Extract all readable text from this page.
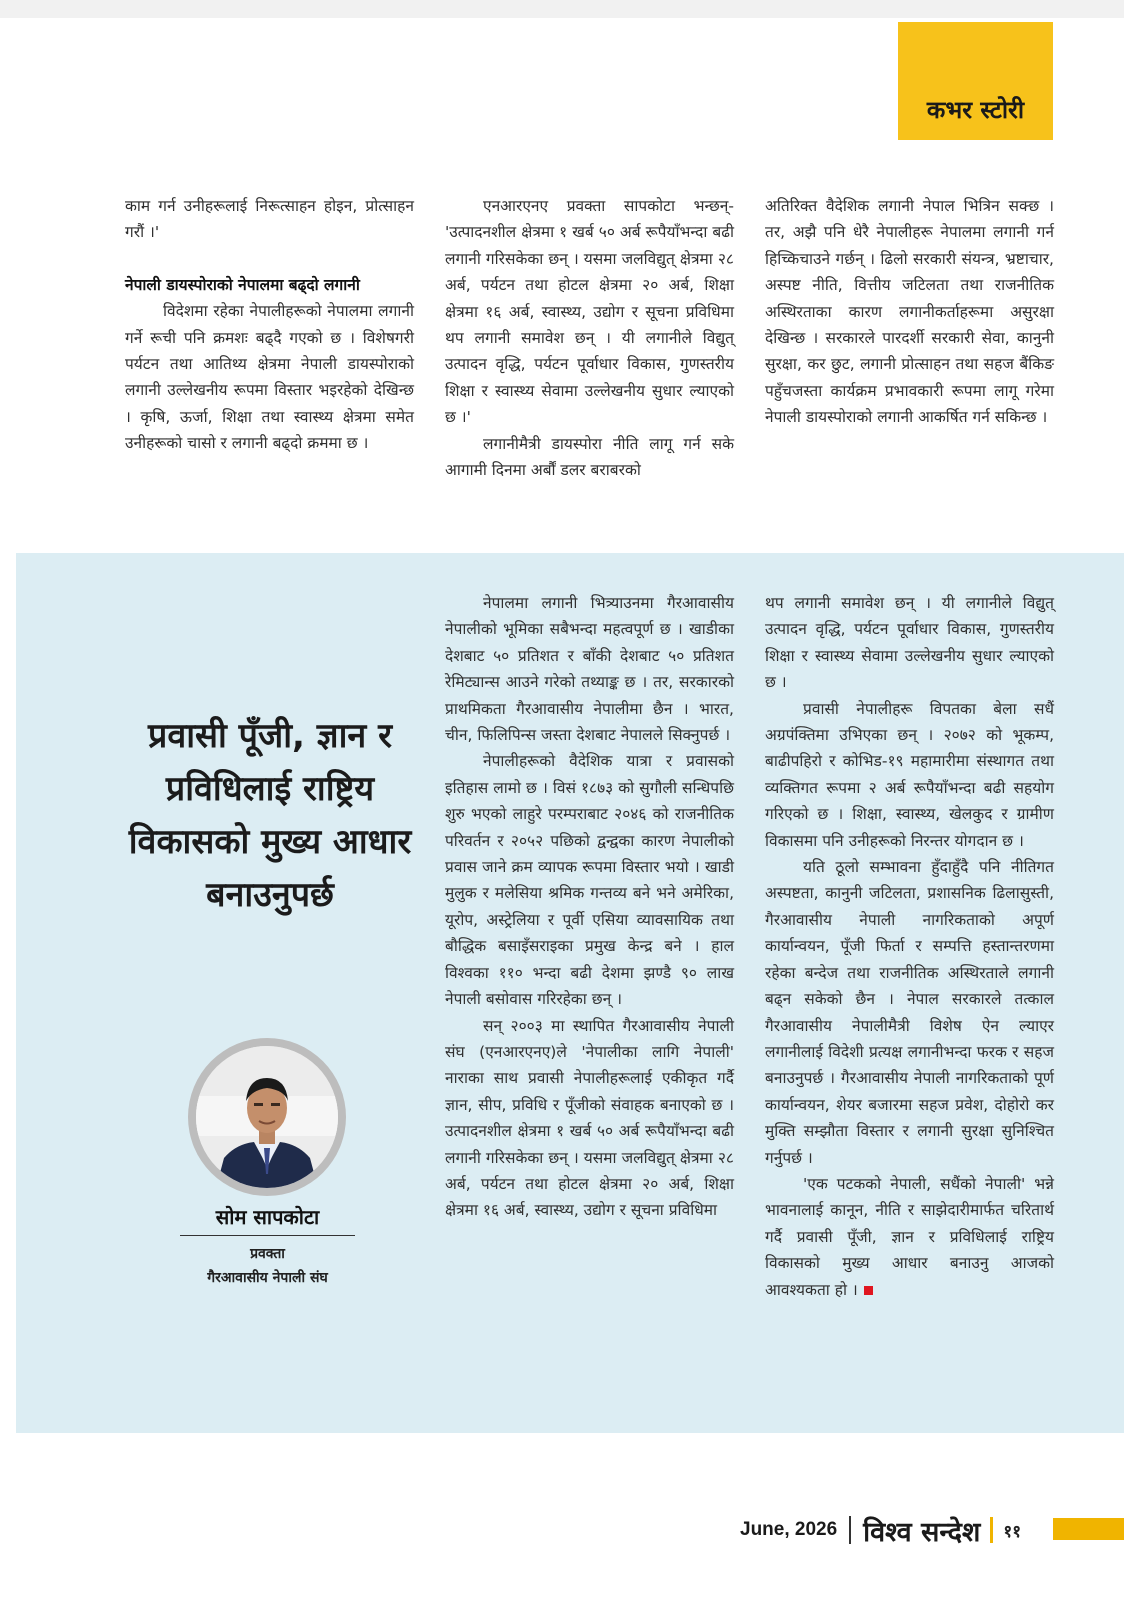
कभर स्टोरी

काम गर्न उनीहरूलाई निरूत्साहन होइन, प्रोत्साहन गरौं ।'

नेपाली डायस्पोराको नेपालमा बढ्दो लगानी

विदेशमा रहेका नेपालीहरूको नेपालमा लगानी गर्ने रूची पनि क्रमशः बढ्दै गएको छ । विशेषगरी पर्यटन तथा आतिथ्य क्षेत्रमा नेपाली डायस्पोराको लगानी उल्लेखनीय रूपमा विस्तार भइरहेको देखिन्छ । कृषि, ऊर्जा, शिक्षा तथा स्वास्थ्य क्षेत्रमा समेत उनीहरूको चासो र लगानी बढ्दो क्रममा छ ।

एनआरएनए प्रवक्ता सापकोटा भन्छन्- 'उत्पादनशील क्षेत्रमा १ खर्ब ५० अर्ब रूपैयाँभन्दा बढी लगानी गरिसकेका छन् । यसमा जलविद्युत् क्षेत्रमा २८ अर्ब, पर्यटन तथा होटल क्षेत्रमा २० अर्ब, शिक्षा क्षेत्रमा १६ अर्ब, स्वास्थ्य, उद्योग र सूचना प्रविधिमा थप लगानी समावेश छन् । यी लगानीले विद्युत् उत्पादन वृद्धि, पर्यटन पूर्वाधार विकास, गुणस्तरीय शिक्षा र स्वास्थ्य सेवामा उल्लेखनीय सुधार ल्याएको छ ।'

लगानीमैत्री डायस्पोरा नीति लागू गर्न सके आगामी दिनमा अर्बौं डलर बराबरको

अतिरिक्त वैदेशिक लगानी नेपाल भित्रिन सक्छ । तर, अझै पनि धेरै नेपालीहरू नेपालमा लगानी गर्न हिच्किचाउने गर्छन् । ढिलो सरकारी संयन्त्र, भ्रष्टाचार, अस्पष्ट नीति, वित्तीय जटिलता तथा राजनीतिक अस्थिरताका कारण लगानीकर्ताहरूमा असुरक्षा देखिन्छ । सरकारले पारदर्शी सरकारी सेवा, कानुनी सुरक्षा, कर छुट, लगानी प्रोत्साहन तथा सहज बैंकिङ पहुँचजस्ता कार्यक्रम प्रभावकारी रूपमा लागू गरेमा नेपाली डायस्पोराको लगानी आकर्षित गर्न सकिन्छ ।

प्रवासी पूँजी, ज्ञान र प्रविधिलाई राष्ट्रिय विकासको मुख्य आधार बनाउनुपर्छ
सोम सापकोटा
प्रवक्ता
गैरआवासीय नेपाली संघ

नेपालमा लगानी भित्र्याउनमा गैरआवासीय नेपालीको भूमिका सबैभन्दा महत्वपूर्ण छ । खाडीका देशबाट ५० प्रतिशत र बाँकी देशबाट ५० प्रतिशत रेमिट्यान्स आउने गरेको तथ्याङ्क छ । तर, सरकारको प्राथमिकता गैरआवासीय नेपालीमा छैन । भारत, चीन, फिलिपिन्स जस्ता देशबाट नेपालले सिक्नुपर्छ ।

नेपालीहरूको वैदेशिक यात्रा र प्रवासको इतिहास लामो छ । विसं १८७३ को सुगौली सन्धिपछि शुरु भएको लाहुरे परम्पराबाट २०४६ को राजनीतिक परिवर्तन र २०५२ पछिको द्वन्द्वका कारण नेपालीको प्रवास जाने क्रम व्यापक रूपमा विस्तार भयो । खाडी मुलुक र मलेसिया श्रमिक गन्तव्य बने भने अमेरिका, यूरोप, अस्ट्रेलिया र पूर्वी एसिया व्यावसायिक तथा बौद्धिक बसाइँसराइका प्रमुख केन्द्र बने । हाल विश्वका ११० भन्दा बढी देशमा झण्डै ९० लाख नेपाली बसोवास गरिरहेका छन् ।

सन् २००३ मा स्थापित गैरआवासीय नेपाली संघ (एनआरएनए)ले 'नेपालीका लागि नेपाली' नाराका साथ प्रवासी नेपालीहरूलाई एकीकृत गर्दै ज्ञान, सीप, प्रविधि र पूँजीको संवाहक बनाएको छ । उत्पादनशील क्षेत्रमा १ खर्ब ५० अर्ब रूपैयाँभन्दा बढी लगानी गरिसकेका छन् । यसमा जलविद्युत् क्षेत्रमा २८ अर्ब, पर्यटन तथा होटल क्षेत्रमा २० अर्ब, शिक्षा क्षेत्रमा १६ अर्ब, स्वास्थ्य, उद्योग र सूचना प्रविधिमा

थप लगानी समावेश छन् । यी लगानीले विद्युत् उत्पादन वृद्धि, पर्यटन पूर्वाधार विकास, गुणस्तरीय शिक्षा र स्वास्थ्य सेवामा उल्लेखनीय सुधार ल्याएको छ ।

प्रवासी नेपालीहरू विपतका बेला सधैं अग्रपंक्तिमा उभिएका छन् । २०७२ को भूकम्प, बाढीपहिरो र कोभिड-१९ महामारीमा संस्थागत तथा व्यक्तिगत रूपमा २ अर्ब रूपैयाँभन्दा बढी सहयोग गरिएको छ । शिक्षा, स्वास्थ्य, खेलकुद र ग्रामीण विकासमा पनि उनीहरूको निरन्तर योगदान छ ।

यति ठूलो सम्भावना हुँदाहुँदै पनि नीतिगत अस्पष्टता, कानुनी जटिलता, प्रशासनिक ढिलासुस्ती, गैरआवासीय नेपाली नागरिकताको अपूर्ण कार्यान्वयन, पूँजी फिर्ता र सम्पत्ति हस्तान्तरणमा रहेका बन्देज तथा राजनीतिक अस्थिरताले लगानी बढ्न सकेको छैन । नेपाल सरकारले तत्काल गैरआवासीय नेपालीमैत्री विशेष ऐन ल्याएर लगानीलाई विदेशी प्रत्यक्ष लगानीभन्दा फरक र सहज बनाउनुपर्छ । गैरआवासीय नेपाली नागरिकताको पूर्ण कार्यान्वयन, शेयर बजारमा सहज प्रवेश, दोहोरो कर मुक्ति सम्झौता विस्तार र लगानी सुरक्षा सुनिश्चित गर्नुपर्छ ।

'एक पटकको नेपाली, सधैंको नेपाली' भन्ने भावनालाई कानून, नीति र साझेदारीमार्फत चरितार्थ गर्दै प्रवासी पूँजी, ज्ञान र प्रविधिलाई राष्ट्रिय विकासको मुख्य आधार बनाउनु आजको आवश्यकता हो ।

June, 2026 विश्व सन्देश ११
